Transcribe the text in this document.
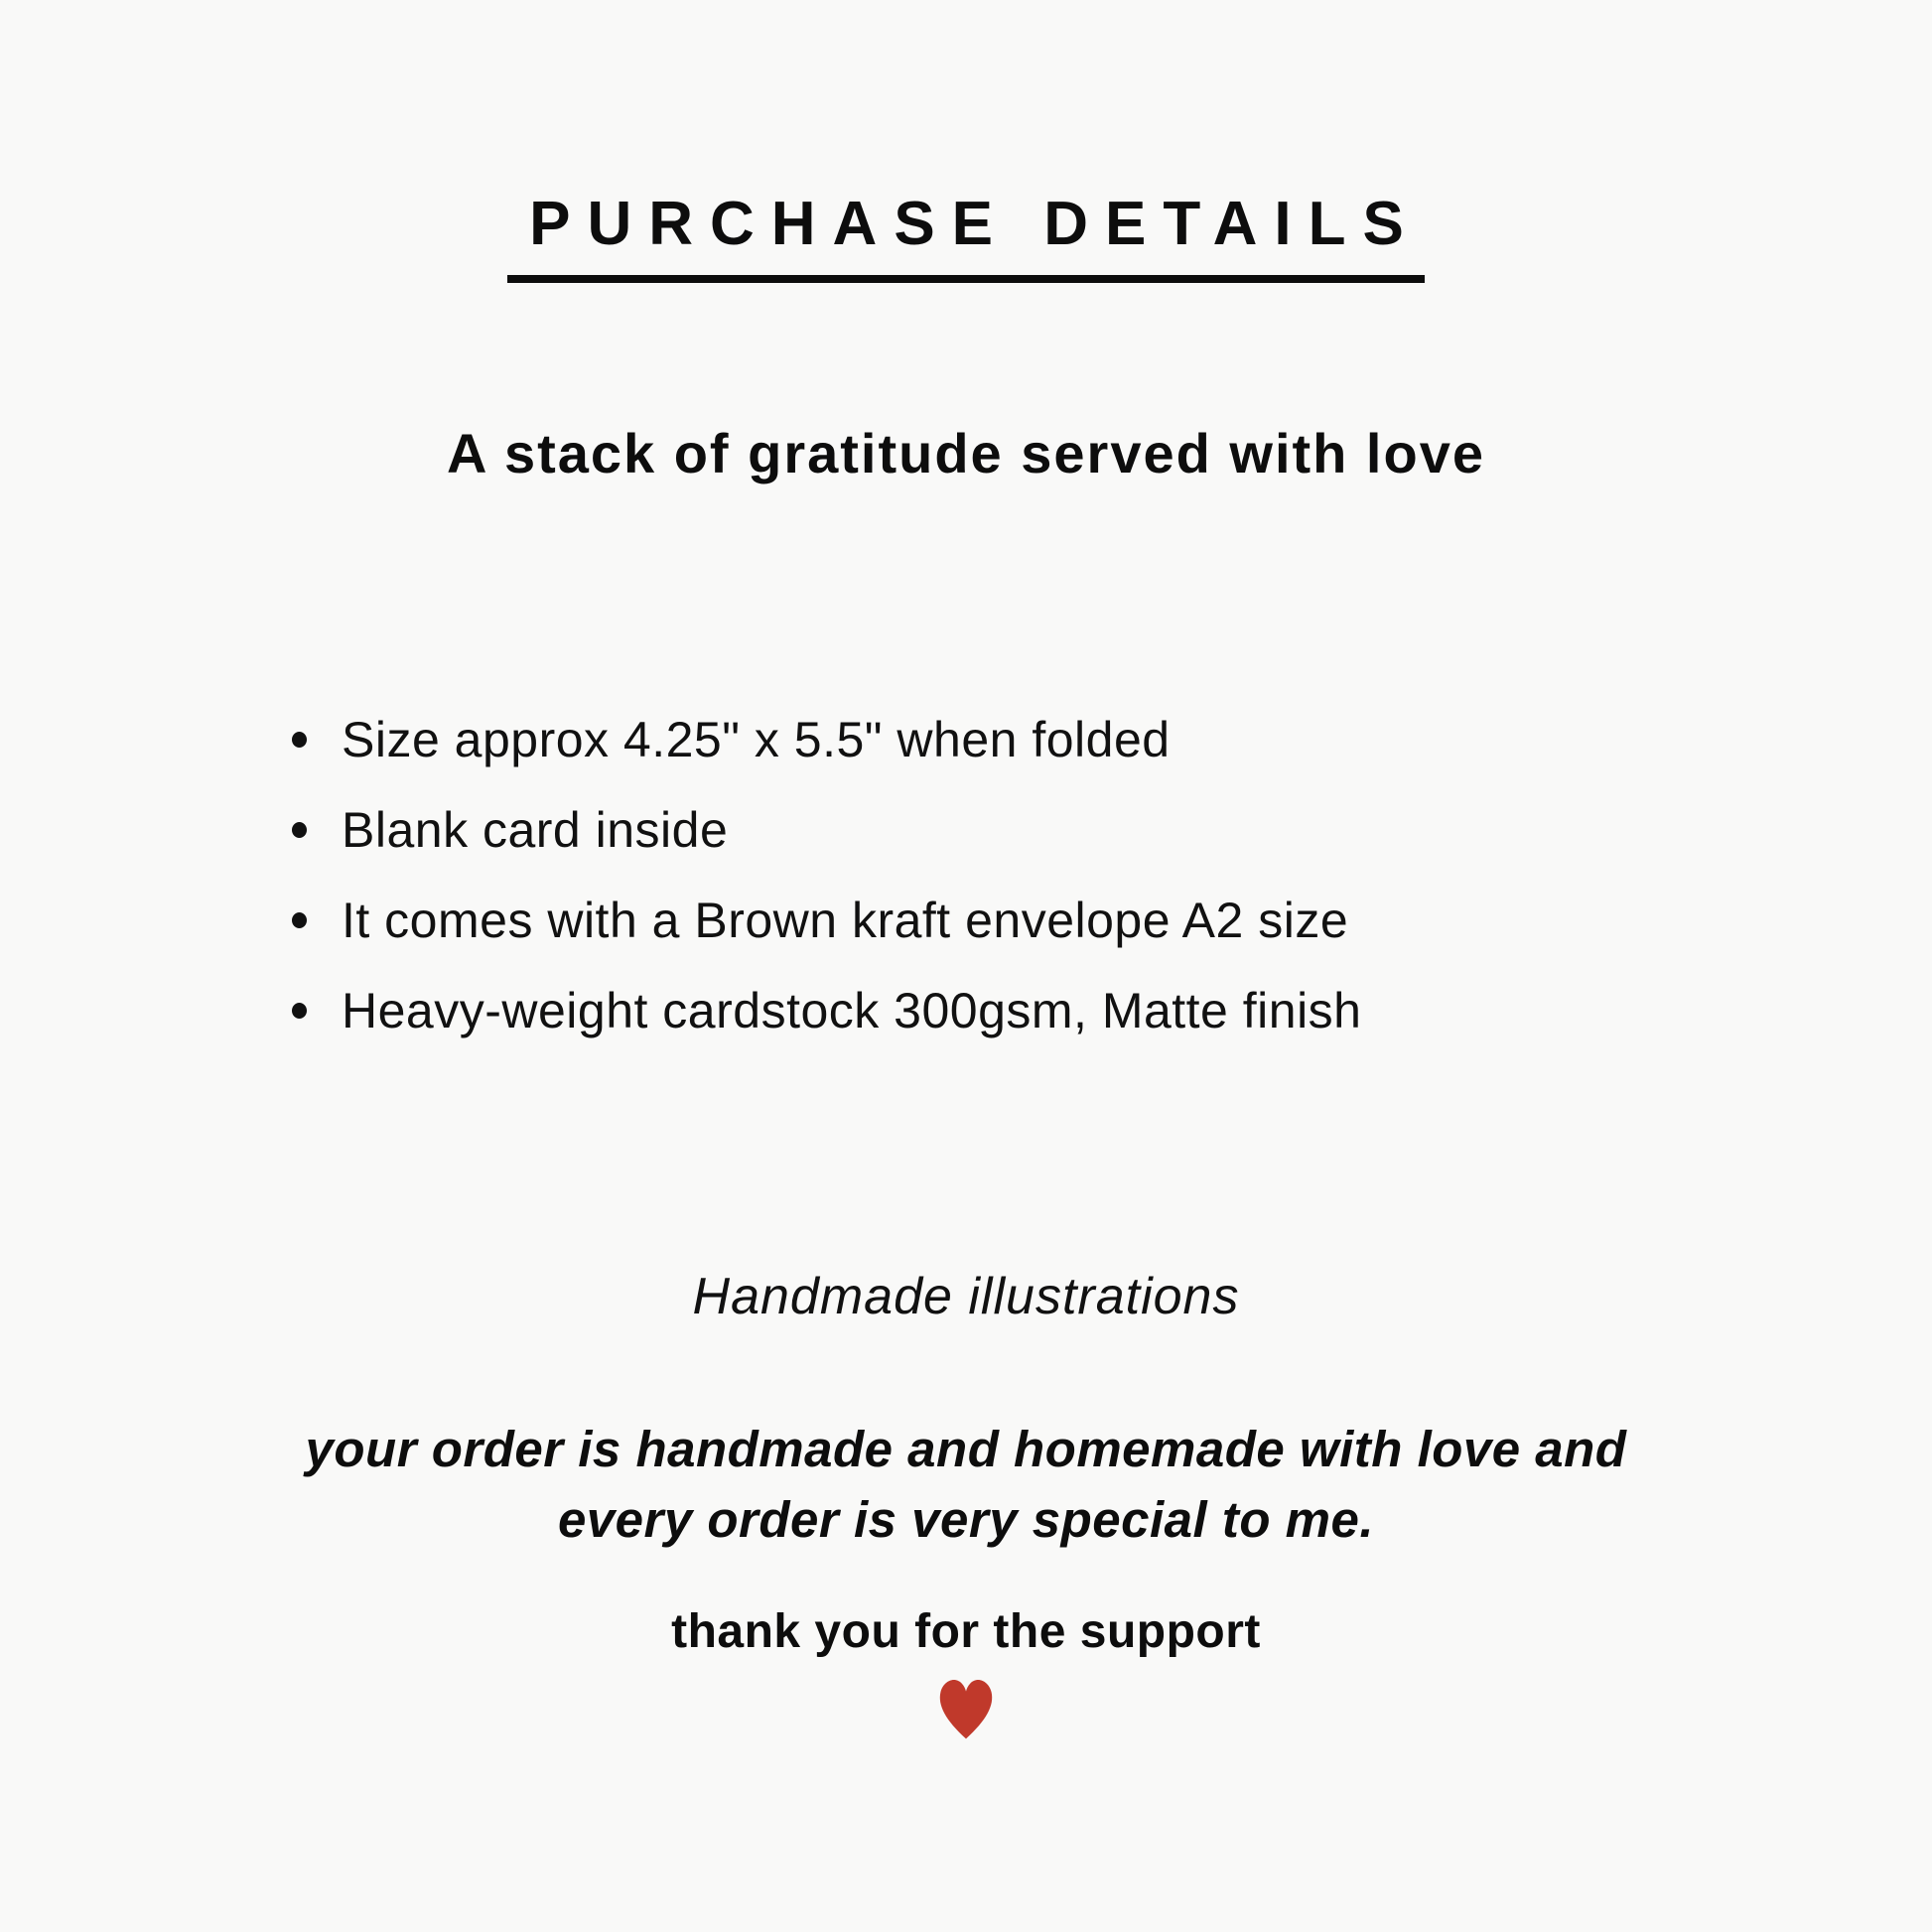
PURCHASE DETAILS
A stack of gratitude served with love
Size approx 4.25" x 5.5" when folded
Blank card inside
It comes with a Brown kraft envelope A2 size
Heavy-weight cardstock 300gsm, Matte finish
Handmade illustrations
your order is handmade and homemade with love and
every order is very special to me.
thank you for the support
